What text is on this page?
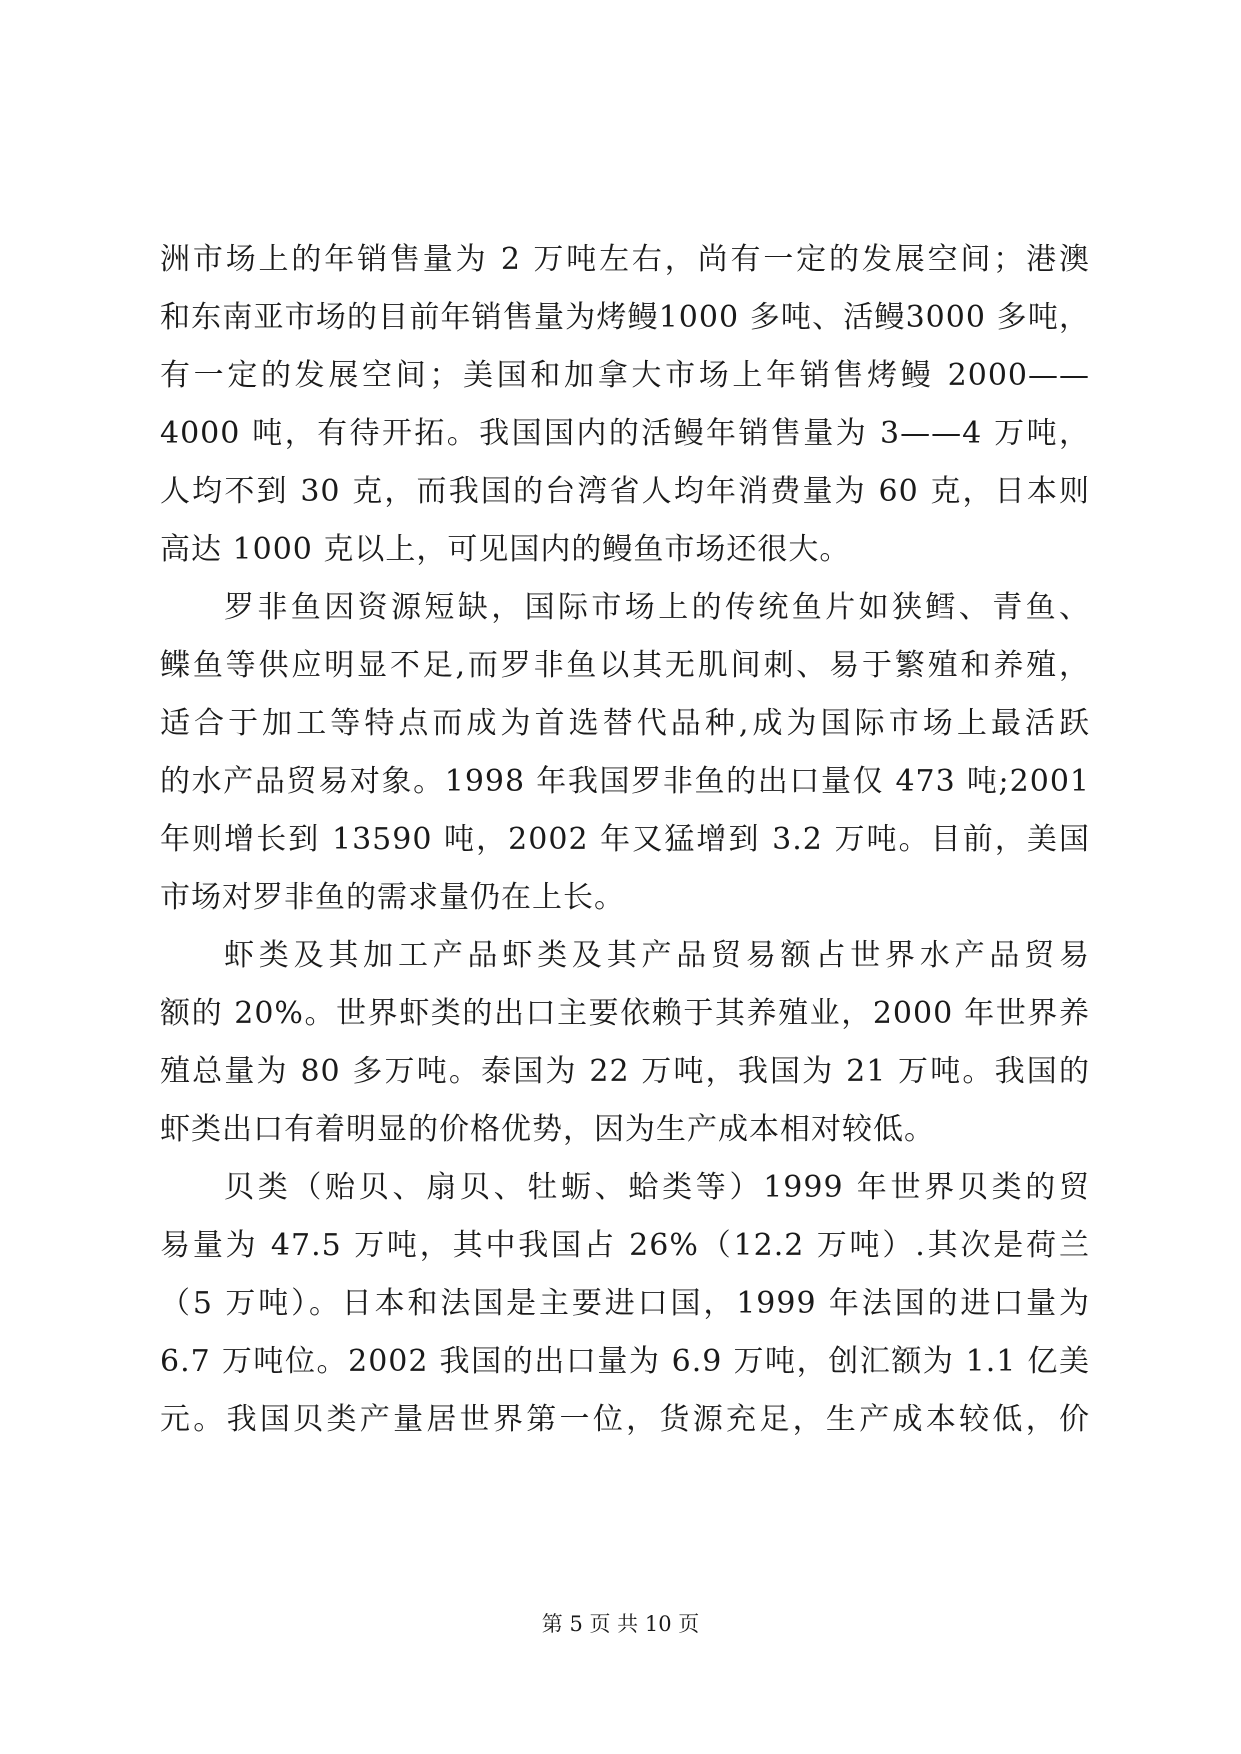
洲市场上的年销售量为 2 万吨左右，尚有一定的发展空间；港澳
和东南亚市场的目前年销售量为烤鳗1000 多吨、活鳗3000 多吨，
有一定的发展空间；美国和加拿大市场上年销售烤鳗 2000——
4000 吨，有待开拓。我国国内的活鳗年销售量为 3——4 万吨，
人均不到 30 克，而我国的台湾省人均年消费量为 60 克，日本则
高达 1000 克以上，可见国内的鳗鱼市场还很大。
罗非鱼因资源短缺，国际市场上的传统鱼片如狭鳕、青鱼、
鲽鱼等供应明显不足,而罗非鱼以其无肌间刺、易于繁殖和养殖，
适合于加工等特点而成为首选替代品种,成为国际市场上最活跃
的水产品贸易对象。1998 年我国罗非鱼的出口量仅 473 吨;2001
年则增长到 13590 吨，2002 年又猛增到 3.2 万吨。目前，美国
市场对罗非鱼的需求量仍在上长。
虾类及其加工产品虾类及其产品贸易额占世界水产品贸易
额的 20%。世界虾类的出口主要依赖于其养殖业，2000 年世界养
殖总量为 80 多万吨。泰国为 22 万吨，我国为 21 万吨。我国的
虾类出口有着明显的价格优势，因为生产成本相对较低。
贝类（贻贝、扇贝、牡蛎、蛤类等）1999 年世界贝类的贸
易量为 47.5 万吨，其中我国占 26%（12.2 万吨）.其次是荷兰
（5 万吨）。日本和法国是主要进口国，1999 年法国的进口量为
6.7 万吨位。2002 我国的出口量为 6.9 万吨，创汇额为 1.1 亿美
元。我国贝类产量居世界第一位，货源充足，生产成本较低，价
第 5 页 共 10 页
